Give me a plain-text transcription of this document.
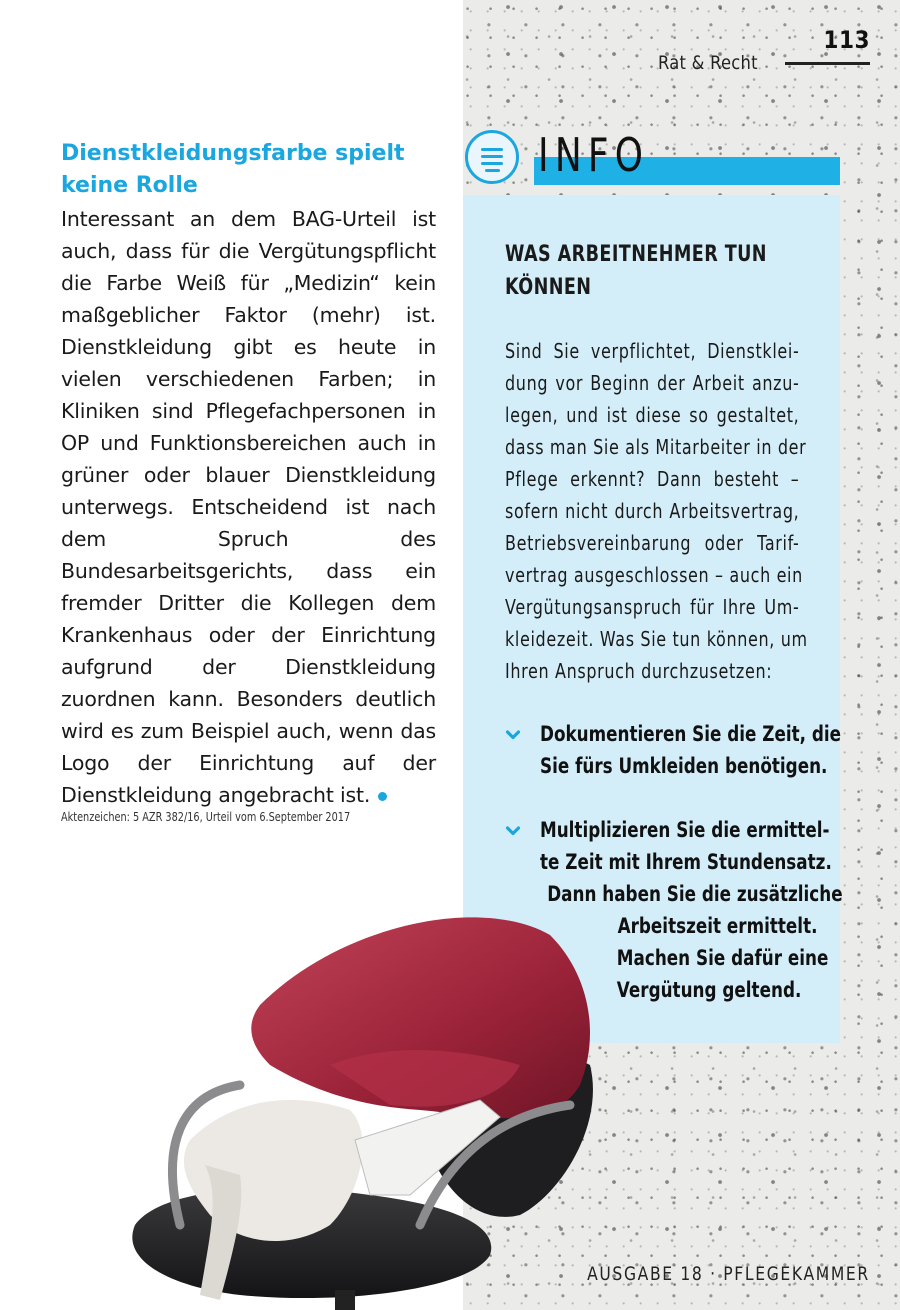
113
Rat & Recht
Dienstkleidungsfarbe spielt keine Rolle
Interessant an dem BAG-Urteil ist auch, dass für die Vergütungspflicht die Farbe Weiß für „Medizin“ kein maßgeblicher Faktor (mehr) ist. Dienstkleidung gibt es heute in vielen verschiedenen Farben; in Kliniken sind Pflegefachpersonen in OP und Funktionsbereichen auch in grüner oder blauer Dienstkleidung unterwegs. Entscheidend ist nach dem Spruch des Bundesarbeitsgerichts, dass ein fremder Dritter die Kollegen dem Krankenhaus oder der Einrichtung aufgrund der Dienstkleidung zuordnen kann. Besonders deutlich wird es zum Beispiel auch, wenn das Logo der Einrichtung auf der Dienstkleidung angebracht ist.
Aktenzeichen: 5 AZR 382/16, Urteil vom 6.September 2017
INFO
WAS ARBEITNEHMER TUN
KÖNNEN
Sind Sie verpflichtet, Dienstklei-
dung vor Beginn der Arbeit anzu-
legen, und ist diese so gestaltet,
dass man Sie als Mitarbeiter in der
Pflege erkennt? Dann besteht –
sofern nicht durch Arbeitsvertrag,
Betriebsvereinbarung oder Tarif-
vertrag ausgeschlossen – auch ein
Vergütungsanspruch für Ihre Um-
kleidezeit. Was Sie tun können, um
Ihren Anspruch durchzusetzen:
Dokumentieren Sie die Zeit, die
Sie fürs Umkleiden benötigen.
Multiplizieren Sie die ermittel-
te Zeit mit Ihrem Stundensatz.
Dann haben Sie die zusätzliche
Arbeitszeit ermittelt.
Machen Sie dafür eine
Vergütung geltend.
AUSGABE 18 · PFLEGEKAMMER
